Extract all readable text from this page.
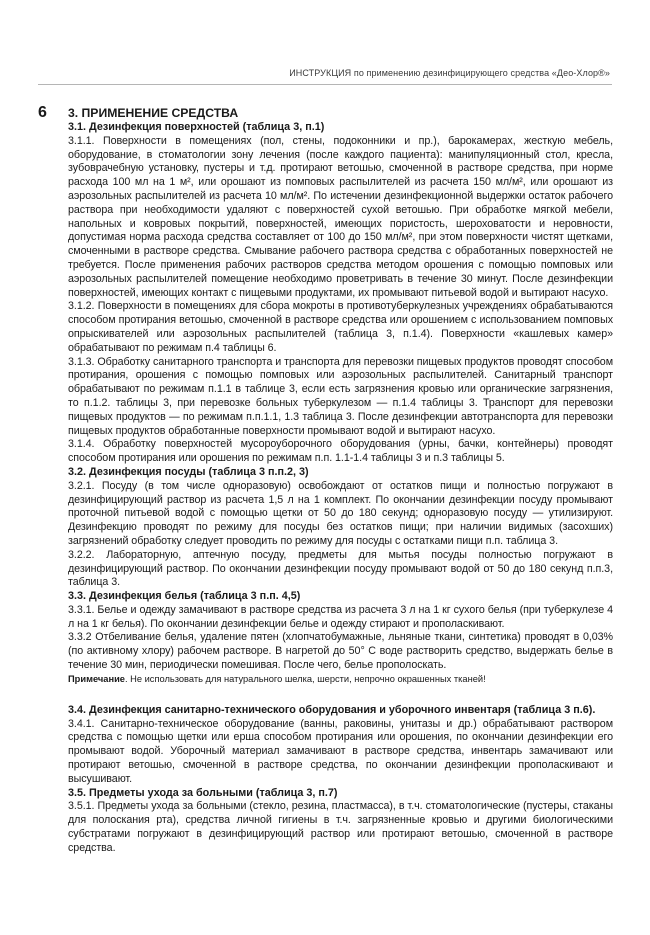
ИНСТРУКЦИЯ по применению дезинфицирующего средства «Део-Хлор®»
6 3. ПРИМЕНЕНИЕ СРЕДСТВА

3.1. Дезинфекция поверхностей (таблица 3, п.1)

3.1.1. Поверхности в помещениях (пол, стены, подоконники и пр.), барокамерах, жесткую мебель, оборудование, в стоматологии зону лечения (после каждого пациента): манипуляционный стол, кресла, зубоврачебную установку, пустеры и т.д. протирают ветошью, смоченной в растворе средства, при норме расхода 100 мл на 1 м², или орошают из помповых распылителей из расчета 150 мл/м², или орошают из аэрозольных распылителей из расчета 10 мл/м². По истечении дезинфекционной выдержки остаток рабочего раствора при необходимости удаляют с поверхностей сухой ветошью. При обработке мягкой мебели, напольных и ковровых покрытий, поверхностей, имеющих пористость, шероховатости и неровности, допустимая норма расхода средства составляет от 100 до 150 мл/м², при этом поверхности чистят щетками, смоченными в растворе средства. Смывание рабочего раствора средства с обработанных поверхностей не требуется. После применения рабочих растворов средства методом орошения с помощью помповых или аэрозольных распылителей помещение необходимо проветривать в течение 30 минут. После дезинфекции поверхностей, имеющих контакт с пищевыми продуктами, их промывают питьевой водой и вытирают насухо.

3.1.2. Поверхности в помещениях для сбора мокроты в противотуберкулезных учреждениях обрабатываются способом протирания ветошью, смоченной в растворе средства или орошением с использованием помповых опрыскивателей или аэрозольных распылителей (таблица 3, п.1.4). Поверхности «кашлевых камер» обрабатывают по режимам п.4 таблицы 6.

3.1.3. Обработку санитарного транспорта и транспорта для перевозки пищевых продуктов проводят способом протирания, орошения с помощью помповых или аэрозольных распылителей. Санитарный транспорт обрабатывают по режимам п.1.1 в таблице 3, если есть загрязнения кровью или органические загрязнения, то п.1.2. таблицы 3, при перевозке больных туберкулезом — п.1.4 таблицы 3. Транспорт для перевозки пищевых продуктов — по режимам п.п.1.1, 1.3 таблица 3. После дезинфекции автотранспорта для перевозки пищевых продуктов обработанные поверхности промывают водой и вытирают насухо.

3.1.4. Обработку поверхностей мусороуборочного оборудования (урны, бачки, контейнеры) проводят способом протирания или орошения по режимам п.п. 1.1-1.4 таблицы 3 и п.3 таблицы 5.

3.2. Дезинфекция посуды (таблица 3 п.п.2, 3)

3.2.1. Посуду (в том числе одноразовую) освобождают от остатков пищи и полностью погружают в дезинфицирующий раствор из расчета 1,5 л на 1 комплект. По окончании дезинфекции посуду промывают проточной питьевой водой с помощью щетки от 50 до 180 секунд; одноразовую посуду — утилизируют. Дезинфекцию проводят по режиму для посуды без остатков пищи; при наличии видимых (засохших) загрязнений обработку следует проводить по режиму для посуды с остатками пищи п.п. таблица 3.

3.2.2. Лабораторную, аптечную посуду, предметы для мытья посуды полностью погружают в дезинфицирующий раствор. По окончании дезинфекции посуду промывают водой от 50 до 180 секунд п.п.3, таблица 3.

3.3. Дезинфекция белья (таблица 3 п.п. 4,5)

3.3.1. Белье и одежду замачивают в растворе средства из расчета 3 л на 1 кг сухого белья (при туберкулезе 4 л на 1 кг белья). По окончании дезинфекции белье и одежду стирают и прополаскивают.

3.3.2 Отбеливание белья, удаление пятен (хлопчатобумажные, льняные ткани, синтетика) проводят в 0,03% (по активному хлору) рабочем растворе. В нагретой до 50° С воде растворить средство, выдержать белье в течение 30 мин, периодически помешивая. После чего, белье прополоскать.

Примечание. Не использовать для натурального шелка, шерсти, непрочно окрашенных тканей!

3.4. Дезинфекция санитарно-технического оборудования и уборочного инвентаря (таблица 3 п.6).

3.4.1. Санитарно-техническое оборудование (ванны, раковины, унитазы и др.) обрабатывают раствором средства с помощью щетки или ерша способом протирания или орошения, по окончании дезинфекции его промывают водой. Уборочный материал замачивают в растворе средства, инвентарь замачивают или протирают ветошью, смоченной в растворе средства, по окончании дезинфекции прополаскивают и высушивают.

3.5. Предметы ухода за больными (таблица 3, п.7)

3.5.1. Предметы ухода за больными (стекло, резина, пластмасса), в т.ч. стоматологические (пустеры, стаканы для полоскания рта), средства личной гигиены в т.ч. загрязненные кровью и другими биологическими субстратами погружают в дезинфицирующий раствор или протирают ветошью, смоченной в растворе средства.
